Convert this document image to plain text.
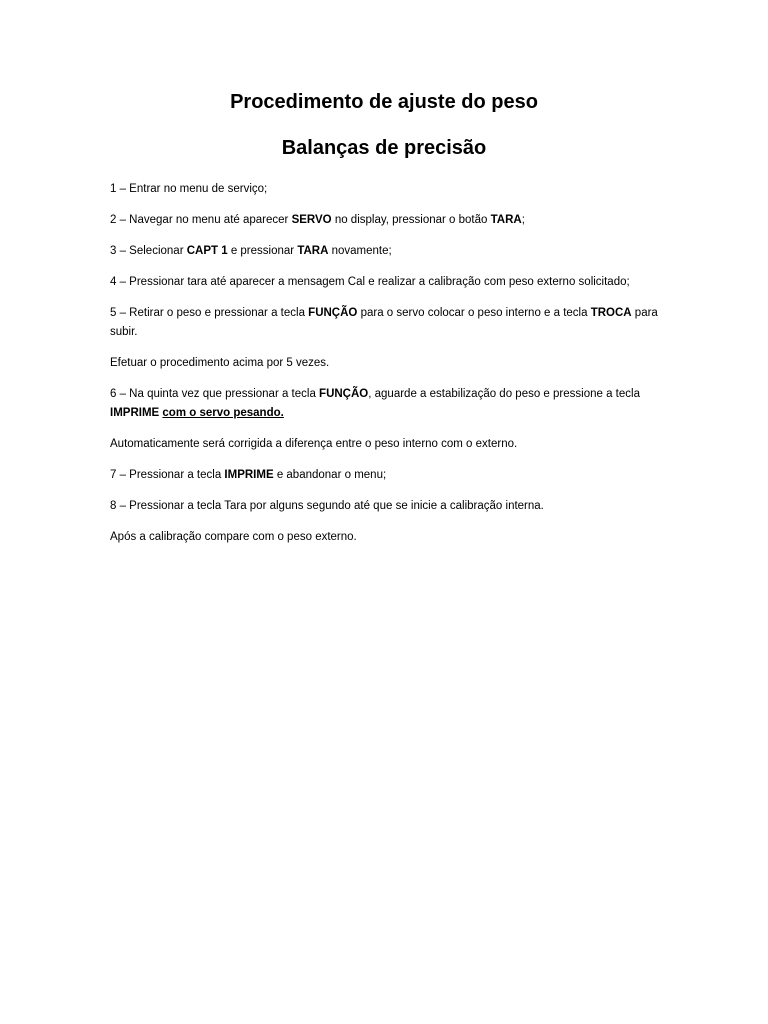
Procedimento de ajuste do peso
Balanças de precisão

1 – Entrar no menu de serviço;

2 – Navegar no menu até aparecer SERVO no display, pressionar o botão TARA;

3 – Selecionar CAPT 1 e pressionar TARA novamente;

4 – Pressionar tara até aparecer a mensagem Cal e realizar a calibração com peso externo solicitado;

5 – Retirar o peso e pressionar a tecla FUNÇÃO para o servo colocar o peso interno e a tecla TROCA para subir.

Efetuar o procedimento acima por 5 vezes.

6 – Na quinta vez que pressionar a tecla FUNÇÃO, aguarde a estabilização do peso e pressione a tecla IMPRIME com o servo pesando.

Automaticamente será corrigida a diferença entre o peso interno com o externo.

7 – Pressionar a tecla IMPRIME e abandonar o menu;

8 – Pressionar a tecla Tara por alguns segundo até que se inicie a calibração interna.

Após a calibração compare com o peso externo.
